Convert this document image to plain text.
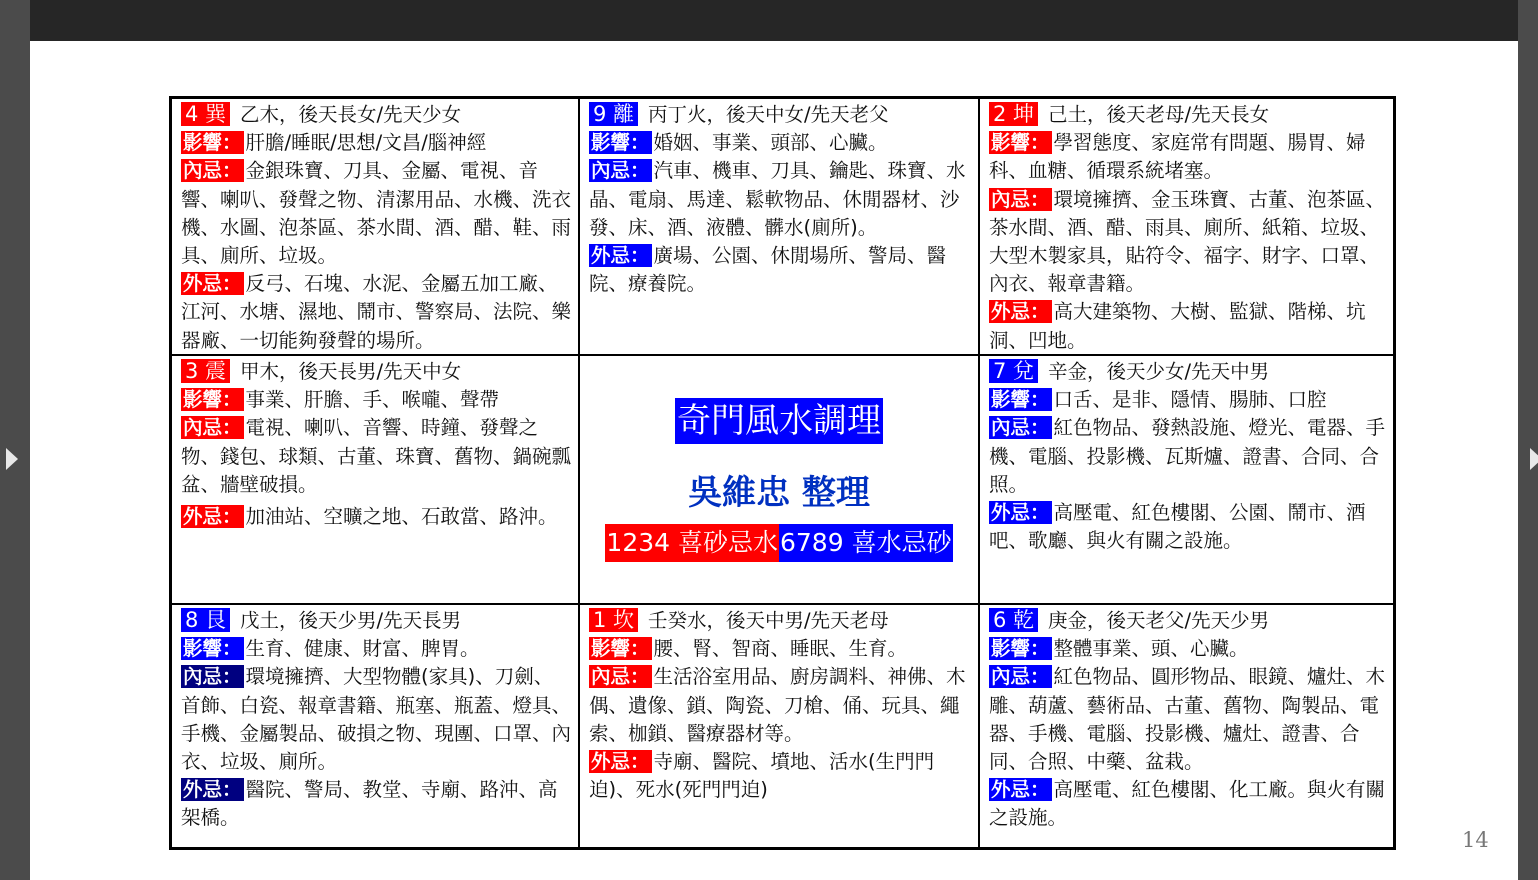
4 巽 乙木，後天長女/先天少女
影響： 肝膽/睡眠/思想/文昌/腦神經
內忌： 金銀珠寶、刀具、金屬、電視、音響、喇叭、發聲之物、清潔用品、水機、洗衣機、水圖、泡茶區、茶水間、酒、醋、鞋、雨具、廁所、垃圾。
外忌： 反弓、石塊、水泥、金屬五加工廠、江河、水塘、濕地、鬧市、警察局、法院、樂器廠、一切能夠發聲的場所。
9 離 丙丁火，後天中女/先天老父
影響： 婚姻、事業、頭部、心臟。
內忌： 汽車、機車、刀具、鑰匙、珠寶、水晶、電扇、馬達、鬆軟物品、休閒器材、沙發、床、酒、液體、髒水(廁所)。
外忌： 廣場、公園、休閒場所、警局、醫院、療養院。
2 坤 己土，後天老母/先天長女
影響： 學習態度、家庭常有問題、腸胃、婦科、血糖、循環系統堵塞。
內忌： 環境擁擠、金玉珠寶、古董、泡茶區、茶水間、酒、醋、雨具、廁所、紙箱、垃圾、大型木製家具，貼符令、福字、財字、口罩、內衣、報章書籍。
外忌： 高大建築物、大樹、監獄、階梯、坑洞、凹地。
3 震 甲木，後天長男/先天中女
影響： 事業、肝膽、手、喉嚨、聲帶
內忌： 電視、喇叭、音響、時鐘、發聲之物、錢包、球類、古董、珠寶、舊物、鍋碗瓢盆、牆壁破損。
外忌： 加油站、空曠之地、石敢當、路沖。
奇門風水調理
吳維忠 整理
1234 喜砂忌水 6789 喜水忌砂
7 兌 辛金，後天少女/先天中男
影響： 口舌、是非、隱情、腸肺、口腔
內忌： 紅色物品、發熱設施、燈光、電器、手機、電腦、投影機、瓦斯爐、證書、合同、合照。
外忌： 高壓電、紅色樓閣、公園、鬧市、酒吧、歌廳、與火有關之設施。
8 艮 戊土，後天少男/先天長男
影響： 生育、健康、財富、脾胃。
內忌： 環境擁擠、大型物體(家具)、刀劍、首飾、白瓷、報章書籍、瓶塞、瓶蓋、燈具、手機、金屬製品、破損之物、現團、口罩、內衣、垃圾、廁所。
外忌： 醫院、警局、教堂、寺廟、路沖、高架橋。
1 坎 壬癸水，後天中男/先天老母
影響： 腰、腎、智商、睡眠、生育。
內忌： 生活浴室用品、廚房調料、神佛、木偶、遺像、鎖、陶瓷、刀槍、俑、玩具、繩索、枷鎖、醫療器材等。
外忌： 寺廟、醫院、墳地、活水(生門門迫)、死水(死門門迫)
6 乾 庚金，後天老父/先天少男
影響： 整體事業、頭、心臟。
內忌： 紅色物品、圓形物品、眼鏡、爐灶、木雕、葫蘆、藝術品、古董、舊物、陶製品、電器、手機、電腦、投影機、爐灶、證書、合同、合照、中藥、盆栽。
外忌： 高壓電、紅色樓閣、化工廠。與火有關之設施。
14
